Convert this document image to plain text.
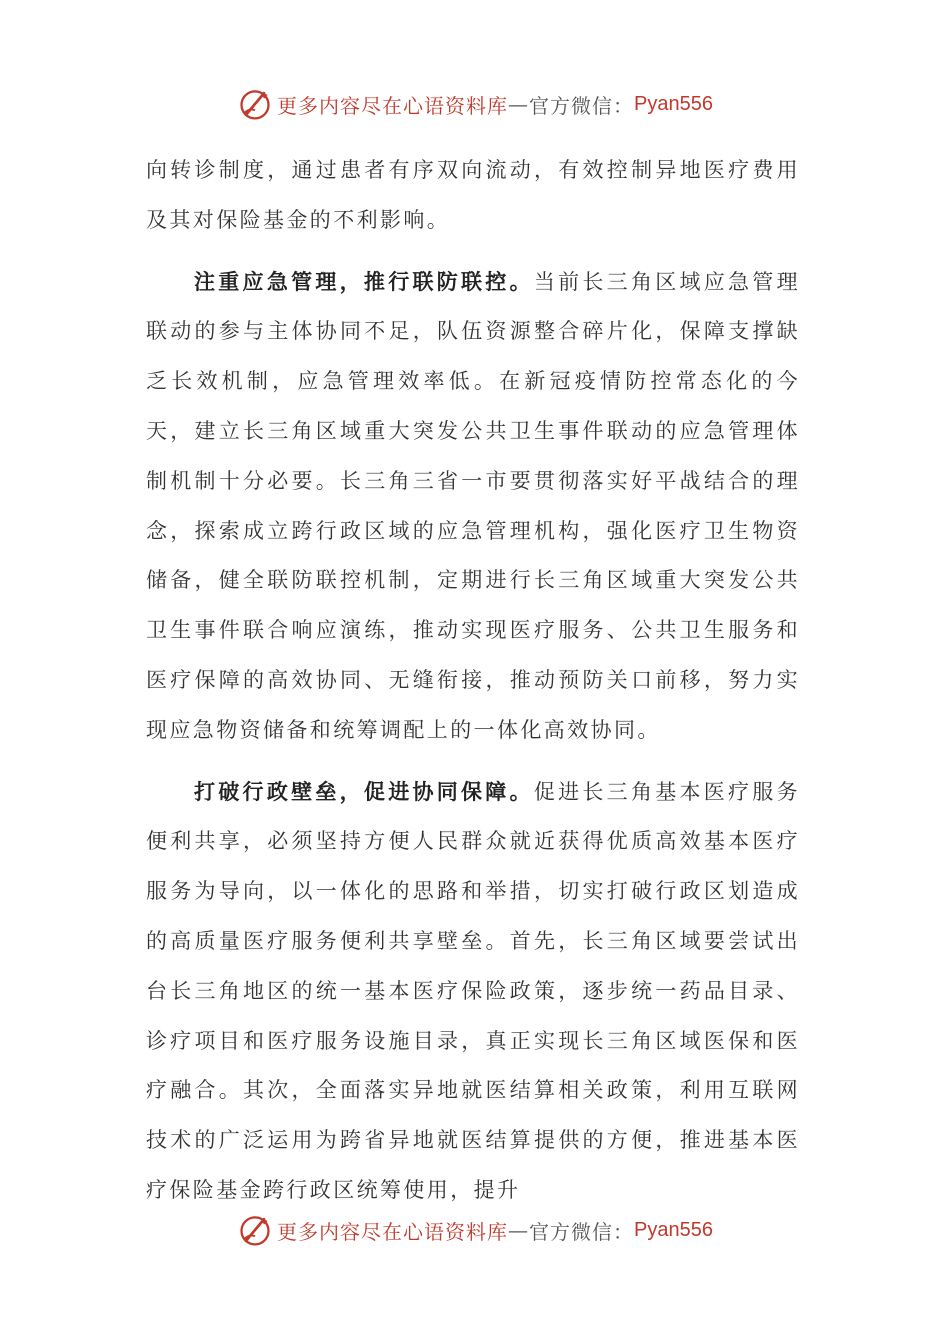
更多内容尽在心语资料库 — 官方微信： Pyan556

向转诊制度，通过患者有序双向流动，有效控制异地医疗费用及其对保险基金的不利影响。

注重应急管理，推行联防联控。当前长三角区域应急管理联动的参与主体协同不足，队伍资源整合碎片化，保障支撑缺乏长效机制，应急管理效率低。在新冠疫情防控常态化的今天，建立长三角区域重大突发公共卫生事件联动的应急管理体制机制十分必要。长三角三省一市要贯彻落实好平战结合的理念，探索成立跨行政区域的应急管理机构，强化医疗卫生物资储备，健全联防联控机制，定期进行长三角区域重大突发公共卫生事件联合响应演练，推动实现医疗服务、公共卫生服务和医疗保障的高效协同、无缝衔接，推动预防关口前移，努力实现应急物资储备和统筹调配上的一体化高效协同。

打破行政壁垒，促进协同保障。促进长三角基本医疗服务便利共享，必须坚持方便人民群众就近获得优质高效基本医疗服务为导向，以一体化的思路和举措，切实打破行政区划造成的高质量医疗服务便利共享壁垒。首先，长三角区域要尝试出台长三角地区的统一基本医疗保险政策，逐步统一药品目录、诊疗项目和医疗服务设施目录，真正实现长三角区域医保和医疗融合。其次，全面落实异地就医结算相关政策，利用互联网技术的广泛运用为跨省异地就医结算提供的方便，推进基本医疗保险基金跨行政区统筹使用，提升

更多内容尽在心语资料库 — 官方微信： Pyan556
